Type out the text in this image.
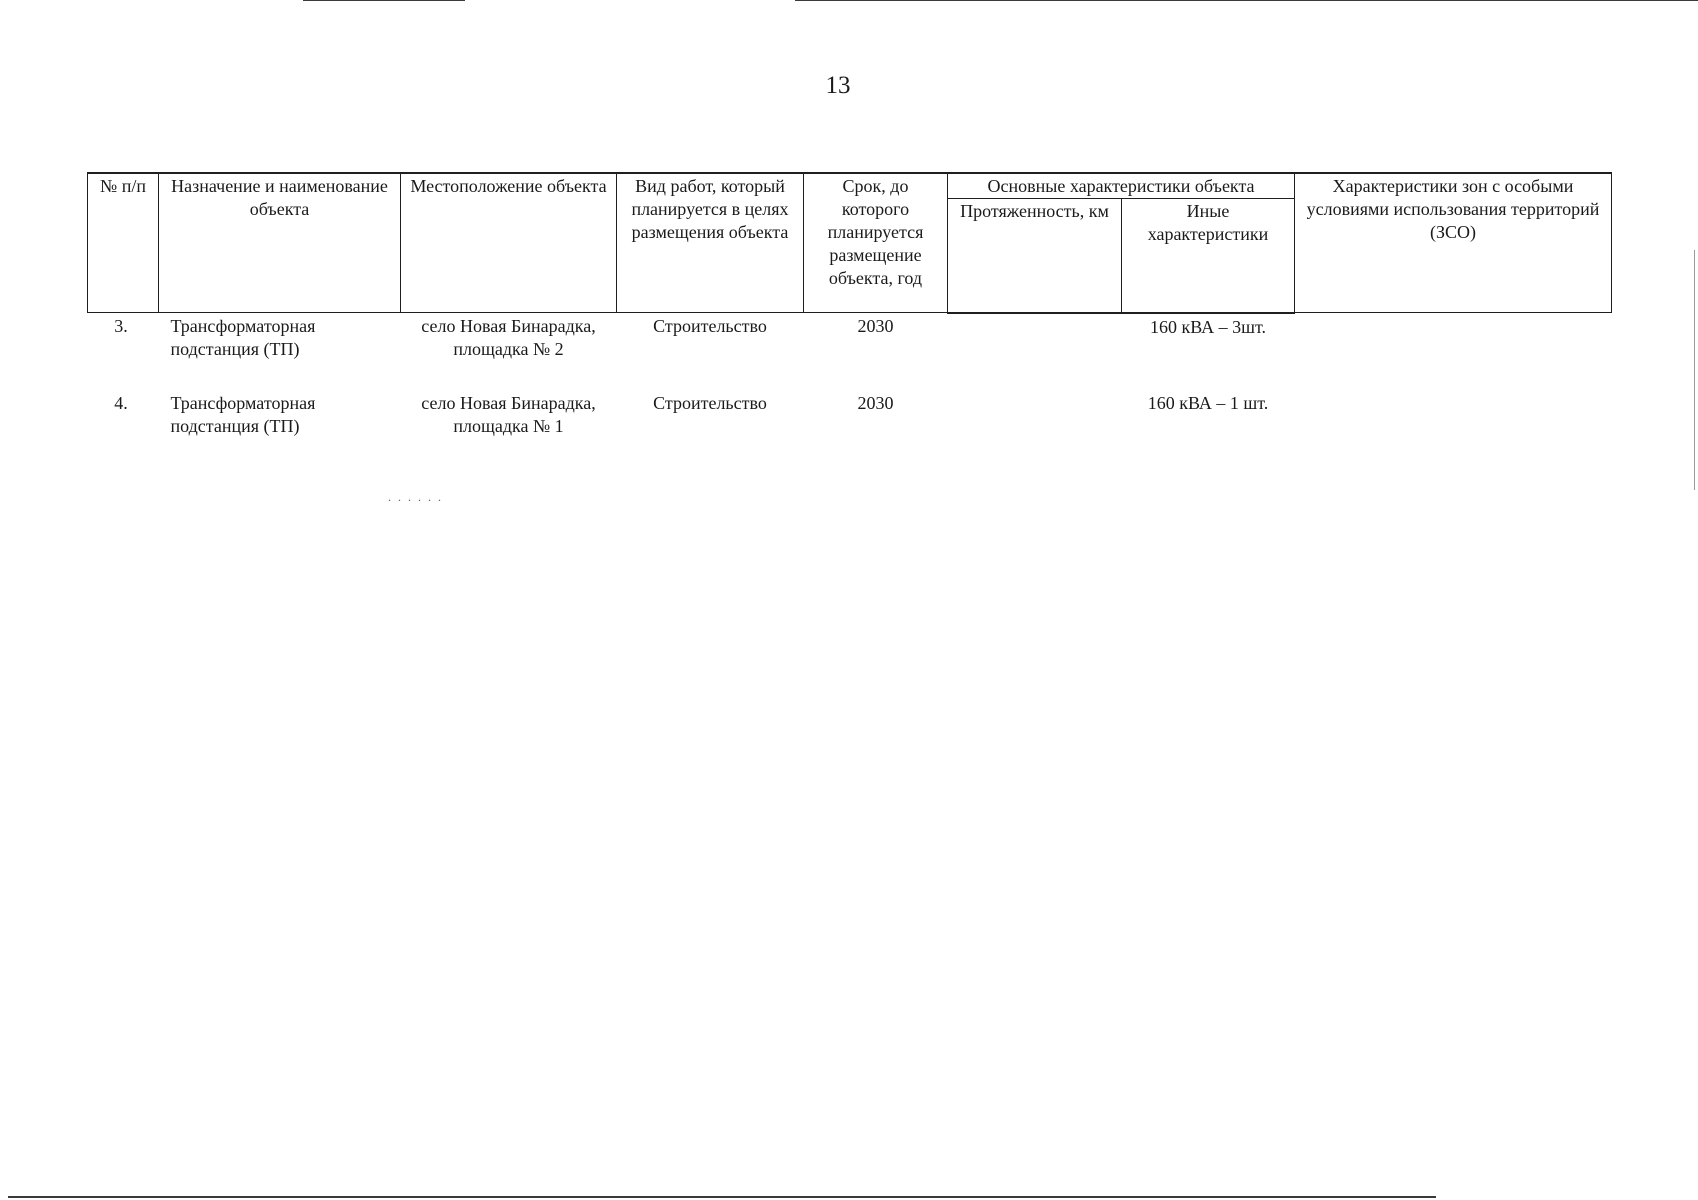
. . . . . .
13
№ п/п	Назначение и наименование объекта	Местоположение объекта	Вид работ, который планируется в целях размещения объекта	Срок, до которого планируется размещение объекта, год	Основные характеристики объекта		Характеристики зон с особыми условиями использования территорий (ЗСО)
					Протяженность, км	Иные характеристики	
3.	Трансформаторная подстанция (ТП)	село Новая Бинарадка, площадка № 2	Строительство	2030		160 кВА – 3шт.	
4.	Трансформаторная подстанция (ТП)	село Новая Бинарадка, площадка № 1	Строительство	2030		160 кВА – 1 шт.	
